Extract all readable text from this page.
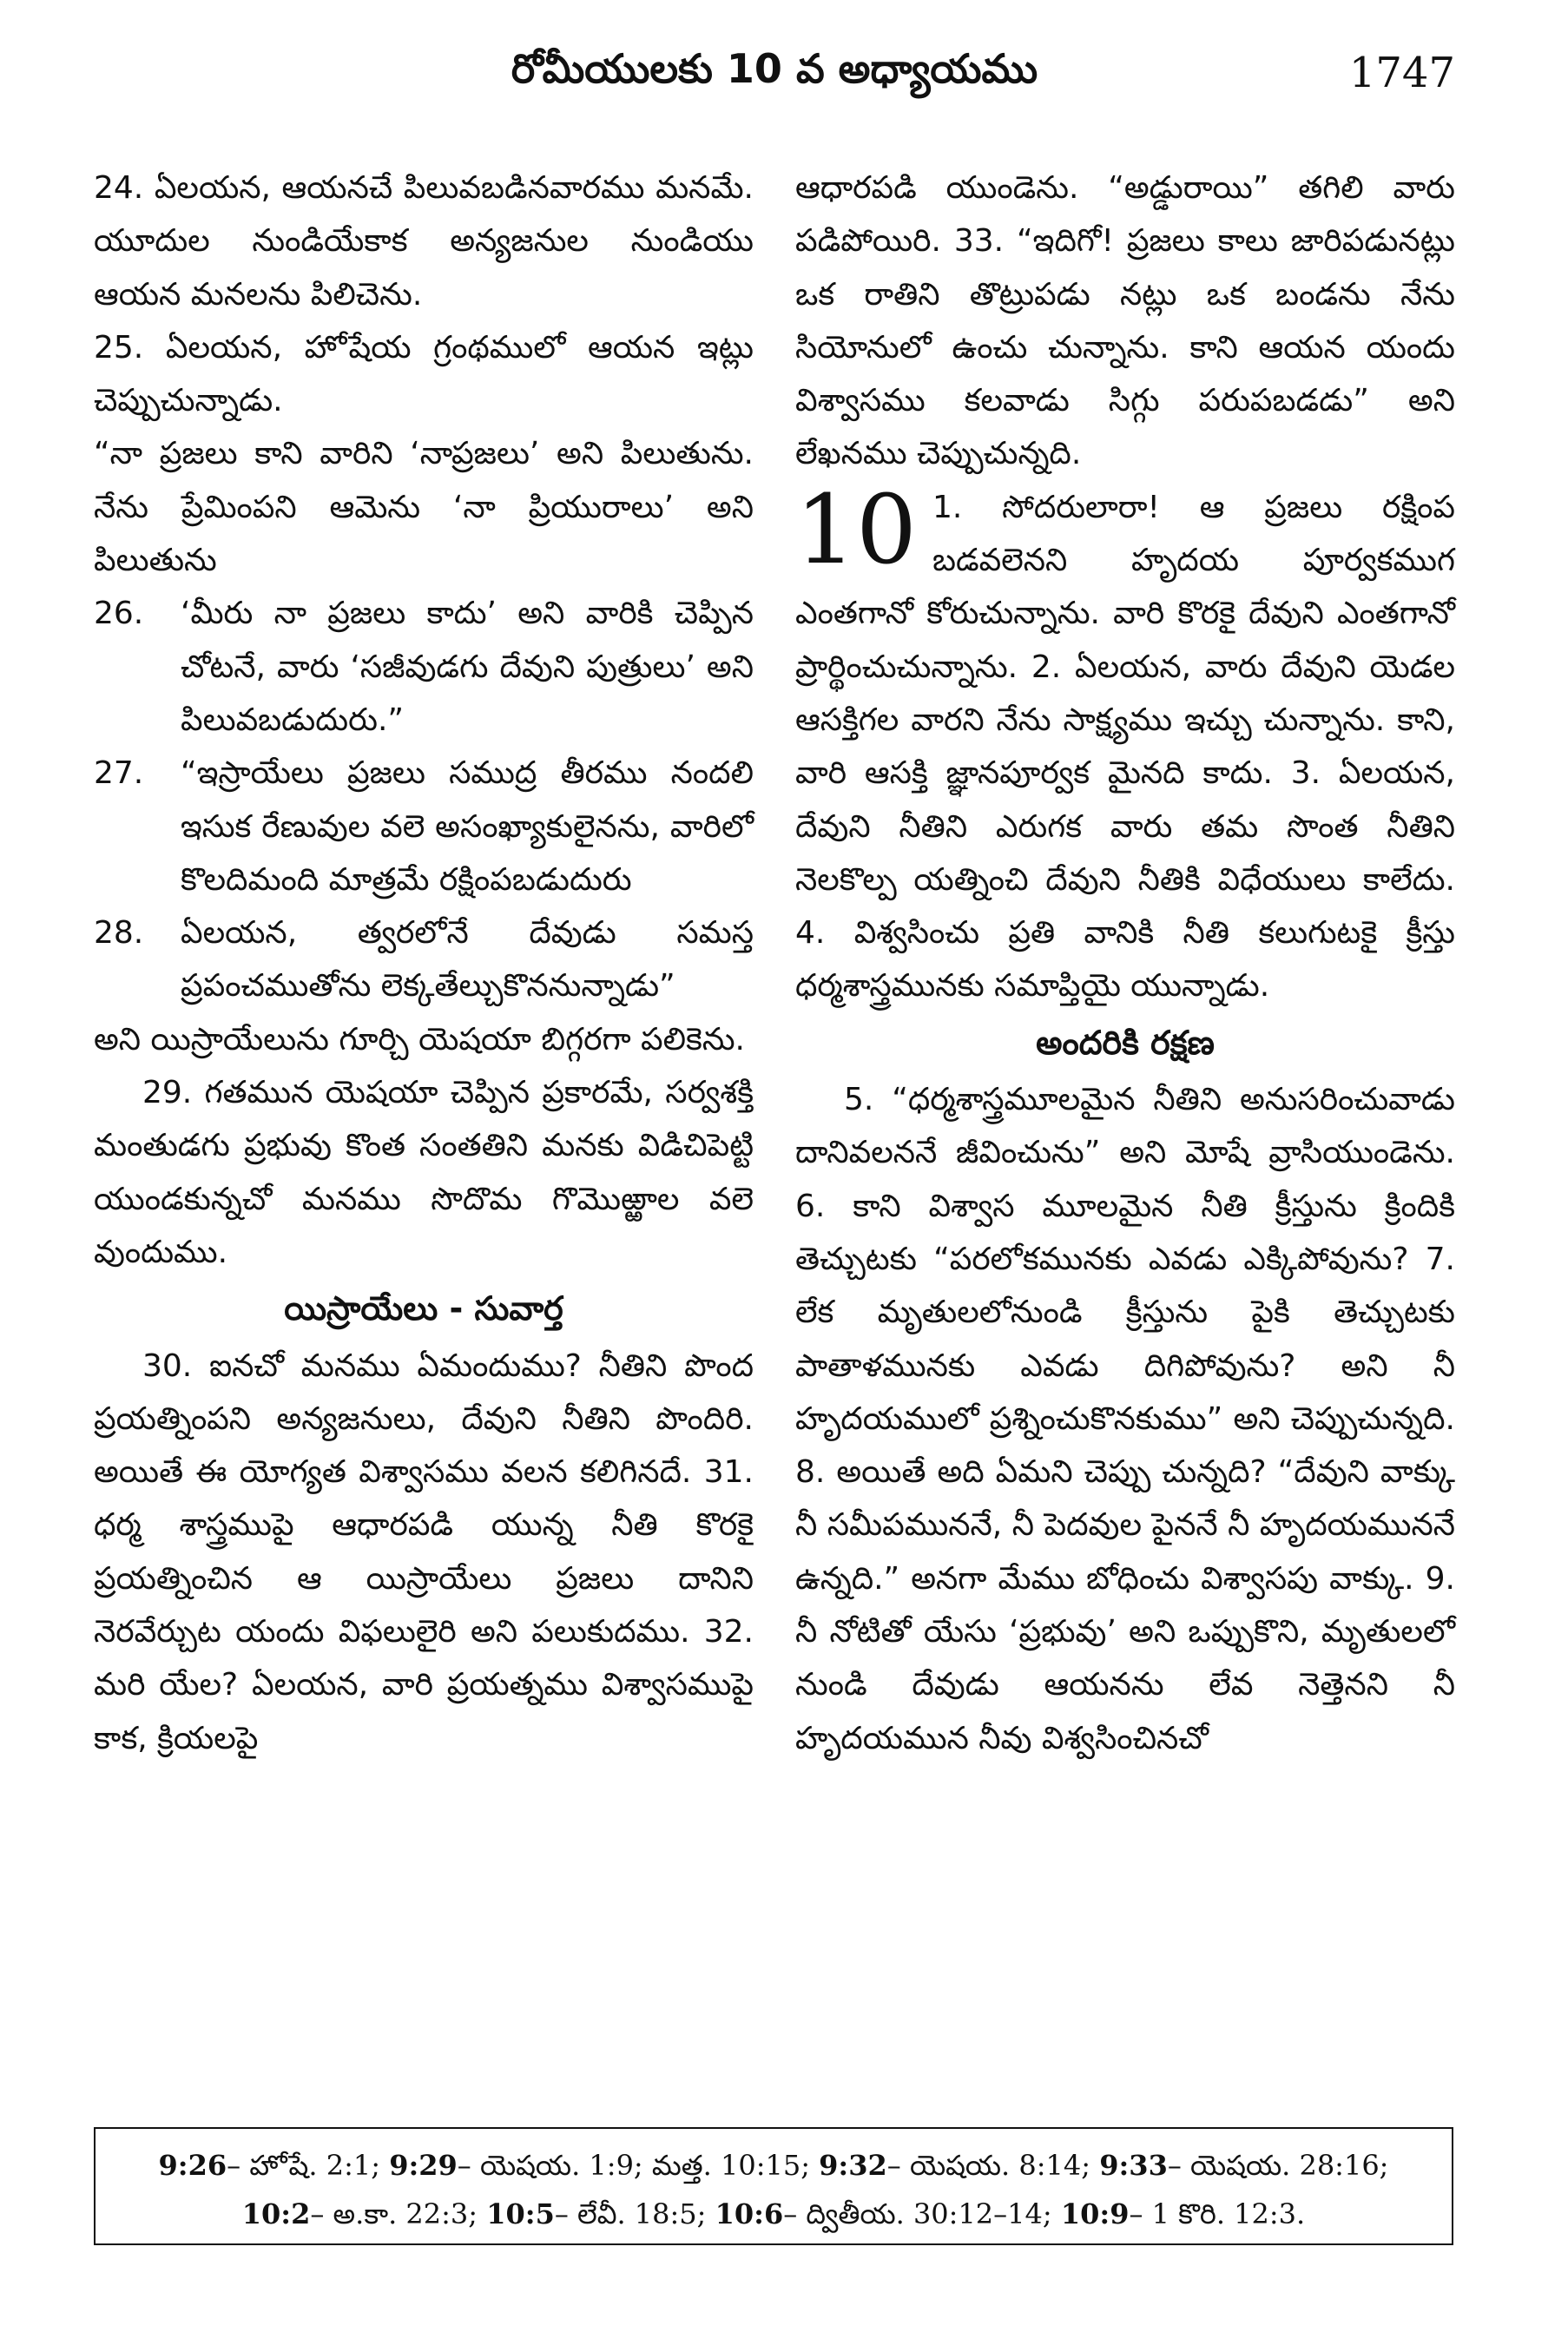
రోమీయులకు 10 వ అధ్యాయము	1747

24. ఏలయన, ఆయనచే పిలువబడినవారము మనమే. యూదుల నుండియేకాక అన్యజనుల నుండియు ఆయన మనలను పిలిచెను.

25. ఏలయన, హోషేయ గ్రంథములో ఆయన ఇట్లు చెప్పుచున్నాడు.

“నా ప్రజలు కాని వారిని ‘నాప్రజలు’ అని పిలుతును. నేను ప్రేమింపని ఆమెను ‘నా ప్రియురాలు’ అని పిలుతును

26.	‘మీరు నా ప్రజలు కాదు’ అని వారికి చెప్పిన చోటనే, వారు ‘సజీవుడగు దేవుని పుత్రులు’ అని పిలువబడుదురు.”

27.	“ఇస్రాయేలు ప్రజలు సముద్ర తీరము నందలి ఇసుక రేణువుల వలె అసంఖ్యాకులైనను, వారిలో కొలదిమంది మాత్రమే రక్షింపబడుదురు

28.	ఏలయన, త్వరలోనే దేవుడు సమస్త ప్రపంచముతోను లెక్కతేల్చుకొననున్నాడు”

అని యిస్రాయేలును గూర్చి యెషయా బిగ్గరగా పలికెను.

29. గతమున యెషయా చెప్పిన ప్రకారమే, సర్వశక్తి మంతుడగు ప్రభువు కొంత సంతతిని మనకు విడిచిపెట్టి యుండకున్నచో మనము సొదొమ గొమొఱ్ఱాల వలె వుందుము.

యిస్రాయేలు - సువార్త

30. ఐనచో మనము ఏమందుము? నీతిని పొంద ప్రయత్నింపని అన్యజనులు, దేవుని నీతిని పొందిరి. అయితే ఈ యోగ్యత విశ్వాసము వలన కలిగినదే. 31. ధర్మ శాస్త్రముపై ఆధారపడి యున్న నీతి కొరకై ప్రయత్నించిన ఆ యిస్రాయేలు ప్రజలు దానిని నెరవేర్చుట యందు విఫలులైరి అని పలుకుదము. 32. మరి యేల? ఏలయన, వారి ప్రయత్నము విశ్వాసముపై కాక, క్రియలపై

ఆధారపడి యుండెను. “అడ్డురాయి” తగిలి వారు పడిపోయిరి. 33. “ఇదిగో! ప్రజలు కాలు జారిపడునట్లు ఒక రాతిని తొట్రుపడు నట్లు ఒక బండను నేను సియోనులో ఉంచు చున్నాను. కాని ఆయన యందు విశ్వాసము కలవాడు సిగ్గు పరుపబడడు” అని లేఖనము చెప్పుచున్నది.

10 1. సోదరులారా! ఆ ప్రజలు రక్షింప బడవలెనని హృదయ పూర్వకముగ ఎంతగానో కోరుచున్నాను. వారి కొరకై దేవుని ఎంతగానో ప్రార్థించుచున్నాను. 2. ఏలయన, వారు దేవుని యెడల ఆసక్తిగల వారని నేను సాక్ష్యము ఇచ్చు చున్నాను. కాని, వారి ఆసక్తి జ్ఞానపూర్వక మైనది కాదు. 3. ఏలయన, దేవుని నీతిని ఎరుగక వారు తమ సొంత నీతిని నెలకొల్ప యత్నించి దేవుని నీతికి విధేయులు కాలేదు. 4. విశ్వసించు ప్రతి వానికి నీతి కలుగుటకై క్రీస్తు ధర్మశాస్త్రమునకు సమాప్తియై యున్నాడు.

అందరికి రక్షణ

5. “ధర్మశాస్త్రమూలమైన నీతిని అనుసరించువాడు దానివలననే జీవించును” అని మోషే వ్రాసియుండెను. 6. కాని విశ్వాస మూలమైన నీతి క్రీస్తును క్రిందికి తెచ్చుటకు “పరలోకమునకు ఎవడు ఎక్కిపోవును? 7. లేక మృతులలోనుండి క్రీస్తును పైకి తెచ్చుటకు పాతాళమునకు ఎవడు దిగిపోవును? అని నీ హృదయములో ప్రశ్నించుకొనకుము” అని చెప్పుచున్నది. 8. అయితే అది ఏమని చెప్పు చున్నది? “దేవుని వాక్కు నీ సమీపముననే, నీ పెదవుల పైననే నీ హృదయముననే ఉన్నది.” అనగా మేము బోధించు విశ్వాసపు వాక్కు. 9. నీ నోటితో యేసు ‘ప్రభువు’ అని ఒప్పుకొని, మృతులలో నుండి దేవుడు ఆయనను లేవ నెత్తెనని నీ హృదయమున నీవు విశ్వసించినచో

9:26– హోషే. 2:1; 9:29– యెషయ. 1:9; మత్త. 10:15; 9:32– యెషయ. 8:14; 9:33– యెషయ. 28:16; 10:2– అ.కా. 22:3; 10:5– లేవీ. 18:5; 10:6– ద్వితీయ. 30:12–14; 10:9– 1 కొరి. 12:3.
